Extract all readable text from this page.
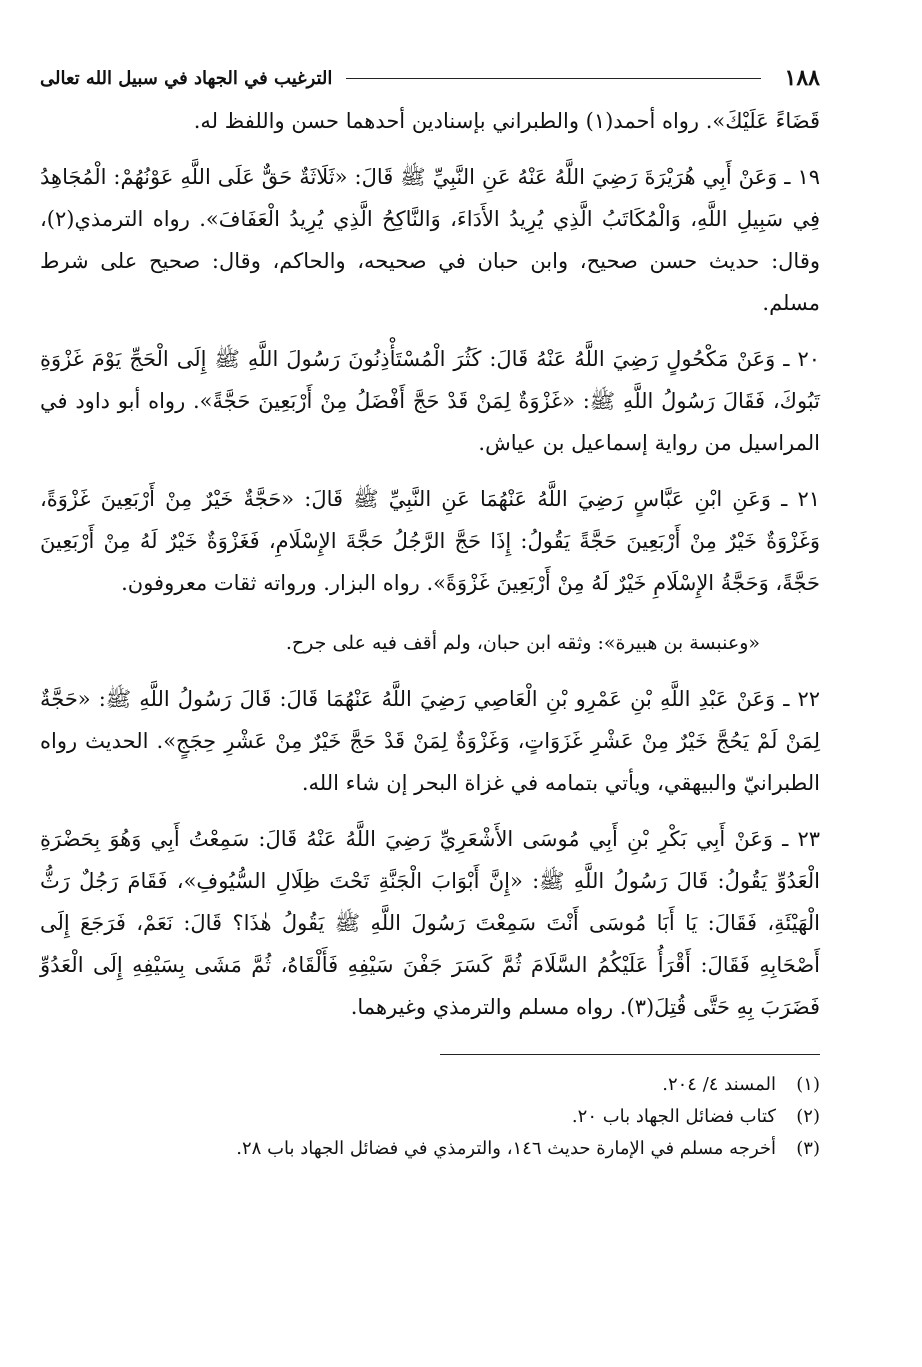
١٨٨
الترغيب في الجهاد في سبيل الله تعالى

قَضَاءً عَلَيْكَ». رواه أحمد(١) والطبراني بإسنادين أحدهما حسن واللفظ له.

١٩ ـ وَعَنْ أَبِي هُرَيْرَةَ رَضِيَ اللَّهُ عَنْهُ عَنِ النَّبِيِّ ﷺ قَالَ: «ثَلَاثَةٌ حَقٌّ عَلَى اللَّهِ عَوْنُهُمْ: الْمُجَاهِدُ فِي سَبِيلِ اللَّهِ، وَالْمُكَاتَبُ الَّذِي يُرِيدُ الأَدَاءَ، وَالنَّاكِحُ الَّذِي يُرِيدُ الْعَفَافَ». رواه الترمذي(٢)، وقال: حديث حسن صحيح، وابن حبان في صحيحه، والحاكم، وقال: صحيح على شرط مسلم.

٢٠ ـ وَعَنْ مَكْحُولٍ رَضِيَ اللَّهُ عَنْهُ قَالَ: كَثُرَ الْمُسْتَأْذِنُونَ رَسُولَ اللَّهِ ﷺ إِلَى الْحَجِّ يَوْمَ غَزْوَةِ تَبُوكَ، فَقَالَ رَسُولُ اللَّهِ ﷺ: «غَزْوَةٌ لِمَنْ قَدْ حَجَّ أَفْضَلُ مِنْ أَرْبَعِينَ حَجَّةً». رواه أبو داود في المراسيل من رواية إسماعيل بن عياش.

٢١ ـ وَعَنِ ابْنِ عَبَّاسٍ رَضِيَ اللَّهُ عَنْهُمَا عَنِ النَّبِيِّ ﷺ قَالَ: «حَجَّةٌ خَيْرٌ مِنْ أَرْبَعِينَ غَزْوَةً، وَغَزْوَةٌ خَيْرٌ مِنْ أَرْبَعِينَ حَجَّةً يَقُولُ: إِذَا حَجَّ الرَّجُلُ حَجَّةَ الإِسْلَامِ، فَغَزْوَةٌ خَيْرٌ لَهُ مِنْ أَرْبَعِينَ حَجَّةً، وَحَجَّةُ الإِسْلَامِ خَيْرٌ لَهُ مِنْ أَرْبَعِينَ غَزْوَةً». رواه البزار. ورواته ثقات معروفون.

«وعنبسة بن هبيرة»: وثقه ابن حبان، ولم أقف فيه على جرح.

٢٢ ـ وَعَنْ عَبْدِ اللَّهِ بْنِ عَمْرِو بْنِ الْعَاصِي رَضِيَ اللَّهُ عَنْهُمَا قَالَ: قَالَ رَسُولُ اللَّهِ ﷺ: «حَجَّةٌ لِمَنْ لَمْ يَحُجَّ خَيْرٌ مِنْ عَشْرِ غَزَوَاتٍ، وَغَزْوَةٌ لِمَنْ قَدْ حَجَّ خَيْرٌ مِنْ عَشْرِ حِجَجٍ». الحديث رواه الطبرانيّ والبيهقي، ويأتي بتمامه في غزاة البحر إن شاء الله.

٢٣ ـ وَعَنْ أَبِي بَكْرِ بْنِ أَبِي مُوسَى الأَشْعَرِيِّ رَضِيَ اللَّهُ عَنْهُ قَالَ: سَمِعْتُ أَبِي وَهُوَ بِحَضْرَةِ الْعَدُوِّ يَقُولُ: قَالَ رَسُولُ اللَّهِ ﷺ: «إِنَّ أَبْوَابَ الْجَنَّةِ تَحْتَ ظِلَالِ السُّيُوفِ»، فَقَامَ رَجُلٌ رَثُّ الْهَيْئَةِ، فَقَالَ: يَا أَبَا مُوسَى أَنْتَ سَمِعْتَ رَسُولَ اللَّهِ ﷺ يَقُولُ هٰذَا؟ قَالَ: نَعَمْ، فَرَجَعَ إِلَى أَصْحَابِهِ فَقَالَ: أَقْرَأُ عَلَيْكُمُ السَّلَامَ ثُمَّ كَسَرَ جَفْنَ سَيْفِهِ فَأَلْقَاهُ، ثُمَّ مَشَى بِسَيْفِهِ إِلَى الْعَدُوِّ فَضَرَبَ بِهِ حَتَّى قُتِلَ(٣). رواه مسلم والترمذي وغيرهما.

(١)
المسند ٤/ ٢٠٤.
(٢)
كتاب فضائل الجهاد باب ٢٠.
(٣)
أخرجه مسلم في الإمارة حديث ١٤٦، والترمذي في فضائل الجهاد باب ٢٨.
